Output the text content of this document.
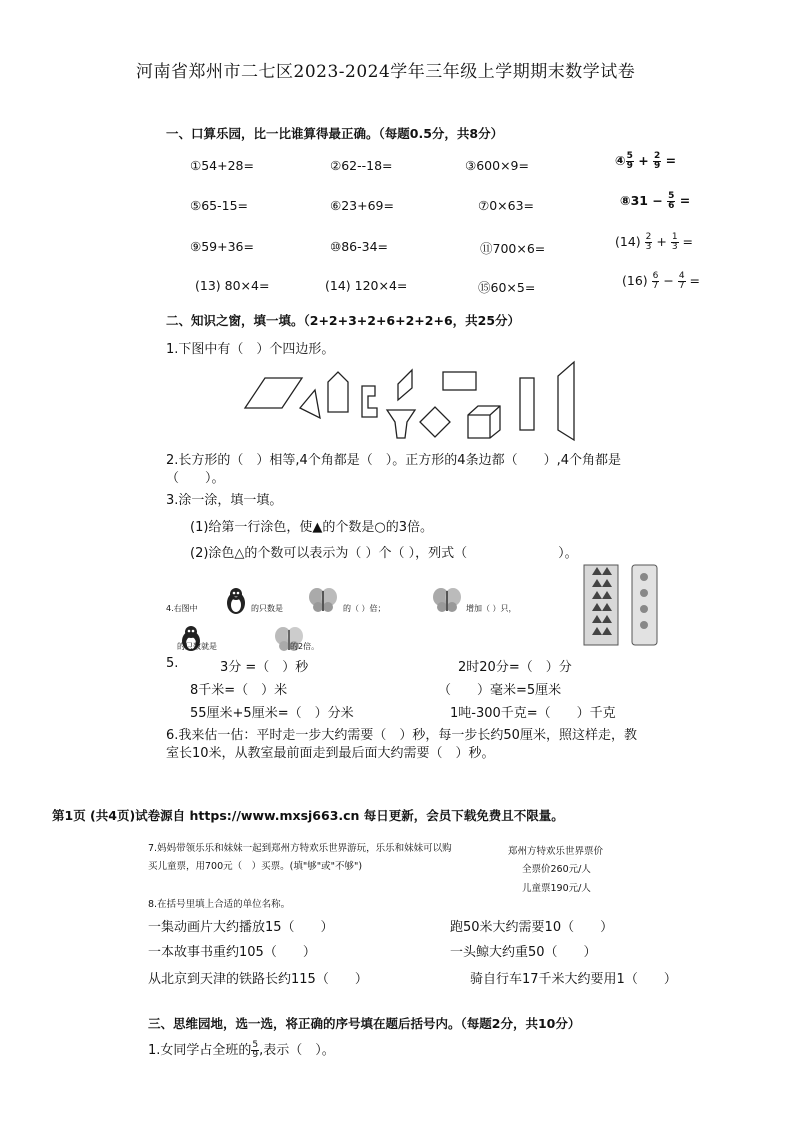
河南省郑州市二七区2023-2024学年三年级上学期期末数学试卷
一、口算乐园，比一比谁算得最正确。（每题0.5分，共8分）
①54+28=	②62--18=	③600×9=	④ $\frac{5}{9} + \frac{2}{9}$ =
⑤65-15=	⑥23+69=	⑦0×63=	⑧31 − $\frac{5}{6}$ =
⑨59+36=	⑩86-34=	⑪700×6=	$(14) \frac{2}{3} + \frac{1}{3}$ =
(13) 80×4=	(14) 120×4=	⑮60×5=	$(16) \frac{6}{7} - \frac{4}{7}$ =
二、知识之窗，填一填。（2+2+3+2+6+2+2+6，共25分）
1.下图中有（　）个四边形。
2.长方形的（　）相等,4个角都是（　）。正方形的4条边都（　　）,4个角都是
（　　）。
3.涂一涂，填一填。
(1)给第一行涂色，使▲的个数是○的3倍。
(2)涂色△的个数可以表示为（ ）个（ ），列式（　　　　　　　）。
4.右图中	的只数是	的（ ）倍；	增加（ ）只，
的只数就是	的2倍。
5.	3分 =（　）秒	2时20分=（　）分
8千米=（　）米	（　　）毫米=5厘米
55厘米+5厘米=（　）分米	1吨-300千克=（　　）千克
6.我来估一估：平时走一步大约需要（　）秒，每一步长约50厘米，照这样走，教
室长10米，从教室最前面走到最后面大约需要（　）秒。
第1页 (共4页)试卷源自 https://www.mxsj663.cn 每日更新，会员下载免费且不限量。
7.妈妈带领乐乐和妹妹一起到郑州方特欢乐世界游玩，乐乐和妹妹可以购
买儿童票，用700元（　）买票。(填"够"或"不够")
郑州方特欢乐世界票价
全票价260元/人
儿童票190元/人
8.在括号里填上合适的单位名称。
一集动画片大约播放15（　　）	跑50米大约需要10（　　）
一本故事书重约105（　　）	一头鲸大约重50（　　）
从北京到天津的铁路长约115（　　）	骑自行车17千米大约要用1（　　）
三、思维园地，选一选，将正确的序号填在题后括号内。（每题2分，共10分）
1.女同学占全班的 $\frac{5}{9}$ ,表示（　）。
